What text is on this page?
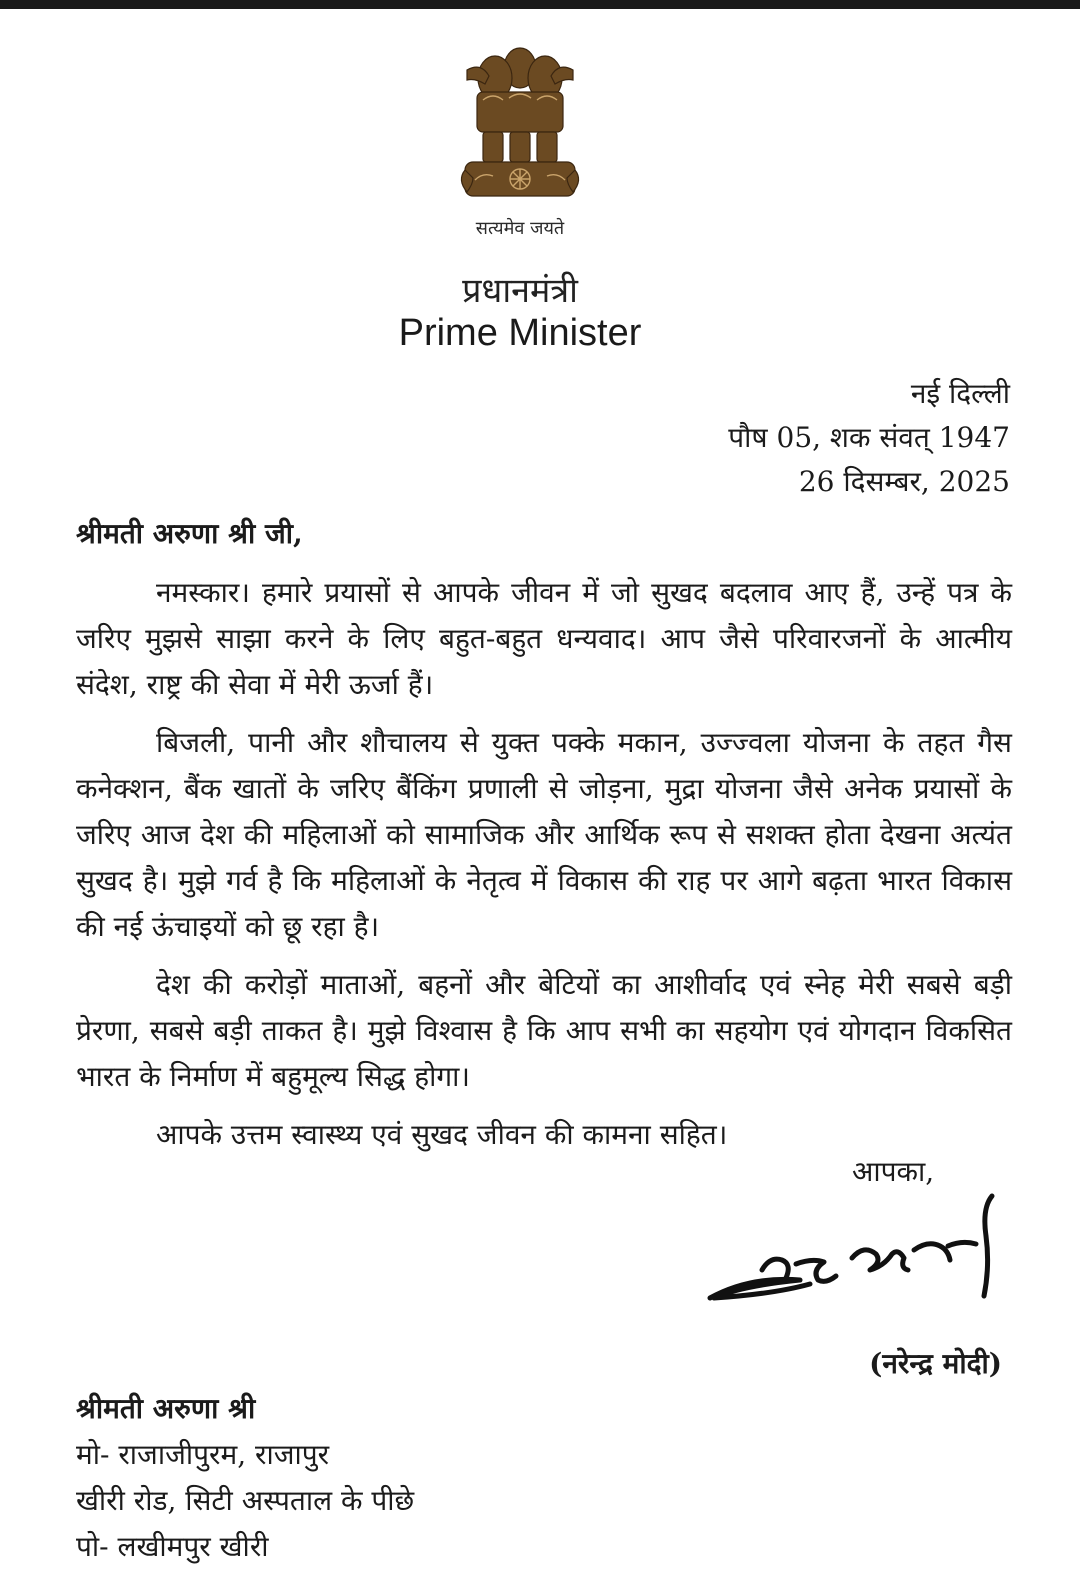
सत्यमेव जयते
प्रधानमंत्री
Prime Minister
नई दिल्ली
पौष 05, शक संवत् 1947
26 दिसम्बर, 2025
श्रीमती अरुणा श्री जी,

नमस्कार। हमारे प्रयासों से आपके जीवन में जो सुखद बदलाव आए हैं, उन्हें पत्र के जरिए मुझसे साझा करने के लिए बहुत-बहुत धन्यवाद। आप जैसे परिवारजनों के आत्मीय संदेश, राष्ट्र की सेवा में मेरी ऊर्जा हैं।

बिजली, पानी और शौचालय से युक्त पक्के मकान, उज्ज्वला योजना के तहत गैस कनेक्शन, बैंक खातों के जरिए बैंकिंग प्रणाली से जोड़ना, मुद्रा योजना जैसे अनेक प्रयासों के जरिए आज देश की महिलाओं को सामाजिक और आर्थिक रूप से सशक्त होता देखना अत्यंत सुखद है। मुझे गर्व है कि महिलाओं के नेतृत्व में विकास की राह पर आगे बढ़ता भारत विकास की नई ऊंचाइयों को छू रहा है।

देश की करोड़ों माताओं, बहनों और बेटियों का आशीर्वाद एवं स्नेह मेरी सबसे बड़ी प्रेरणा, सबसे बड़ी ताकत है। मुझे विश्वास है कि आप सभी का सहयोग एवं योगदान विकसित भारत के निर्माण में बहुमूल्य सिद्ध होगा।

आपके उत्तम स्वास्थ्य एवं सुखद जीवन की कामना सहित।

आपका,
(नरेन्द्र मोदी)
श्रीमती अरुणा श्री
मो- राजाजीपुरम, राजापुर
खीरी रोड, सिटी अस्पताल के पीछे
पो- लखीमपुर खीरी
